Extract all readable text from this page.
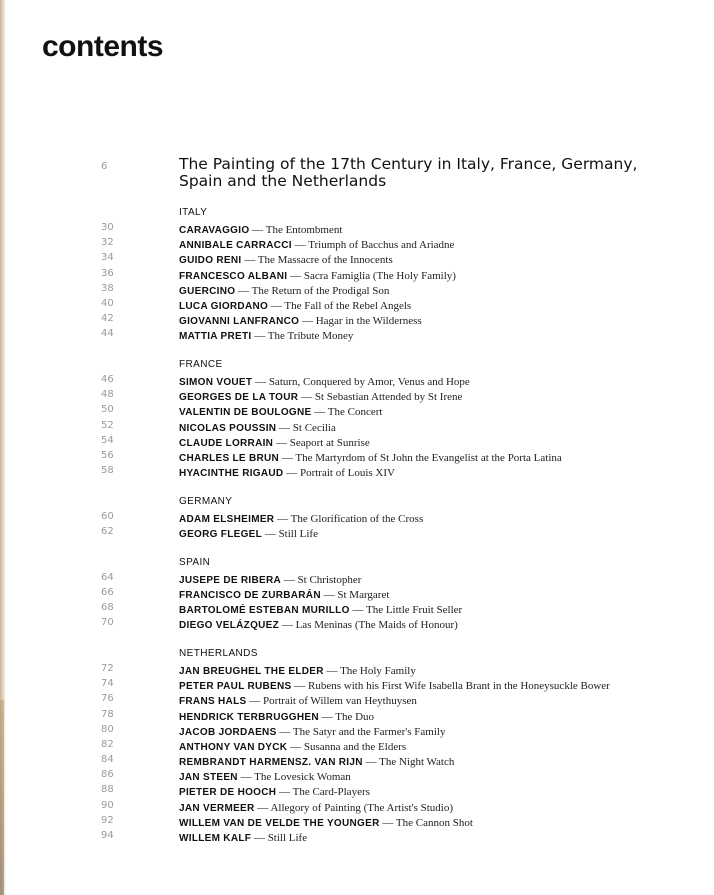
contents
6	The Painting of the 17th Century in Italy, France, Germany, Spain and the Netherlands
ITALY
30	CARAVAGGIO — The Entombment
32	ANNIBALE CARRACCI — Triumph of Bacchus and Ariadne
34	GUIDO RENI — The Massacre of the Innocents
36	FRANCESCO ALBANI — Sacra Famiglia (The Holy Family)
38	GUERCINO — The Return of the Prodigal Son
40	LUCA GIORDANO — The Fall of the Rebel Angels
42	GIOVANNI LANFRANCO — Hagar in the Wilderness
44	MATTIA PRETI — The Tribute Money
FRANCE
46	SIMON VOUET — Saturn, Conquered by Amor, Venus and Hope
48	GEORGES DE LA TOUR — St Sebastian Attended by St Irene
50	VALENTIN DE BOULOGNE — The Concert
52	NICOLAS POUSSIN — St Cecilia
54	CLAUDE LORRAIN — Seaport at Sunrise
56	CHARLES LE BRUN — The Martyrdom of St John the Evangelist at the Porta Latina
58	HYACINTHE RIGAUD — Portrait of Louis XIV
GERMANY
60	ADAM ELSHEIMER — The Glorification of the Cross
62	GEORG FLEGEL — Still Life
SPAIN
64	JUSEPE DE RIBERA — St Christopher
66	FRANCISCO DE ZURBARÁN — St Margaret
68	BARTOLOMÉ ESTEBAN MURILLO — The Little Fruit Seller
70	DIEGO VELÁZQUEZ — Las Meninas (The Maids of Honour)
NETHERLANDS
72	JAN BREUGHEL THE ELDER — The Holy Family
74	PETER PAUL RUBENS — Rubens with his First Wife Isabella Brant in the Honeysuckle Bower
76	FRANS HALS — Portrait of Willem van Heythuysen
78	HENDRICK TERBRUGGHEN — The Duo
80	JACOB JORDAENS — The Satyr and the Farmer's Family
82	ANTHONY VAN DYCK — Susanna and the Elders
84	REMBRANDT HARMENSZ. VAN RIJN — The Night Watch
86	JAN STEEN — The Lovesick Woman
88	PIETER DE HOOCH — The Card-Players
90	JAN VERMEER — Allegory of Painting (The Artist's Studio)
92	WILLEM VAN DE VELDE THE YOUNGER — The Cannon Shot
94	WILLEM KALF — Still Life
